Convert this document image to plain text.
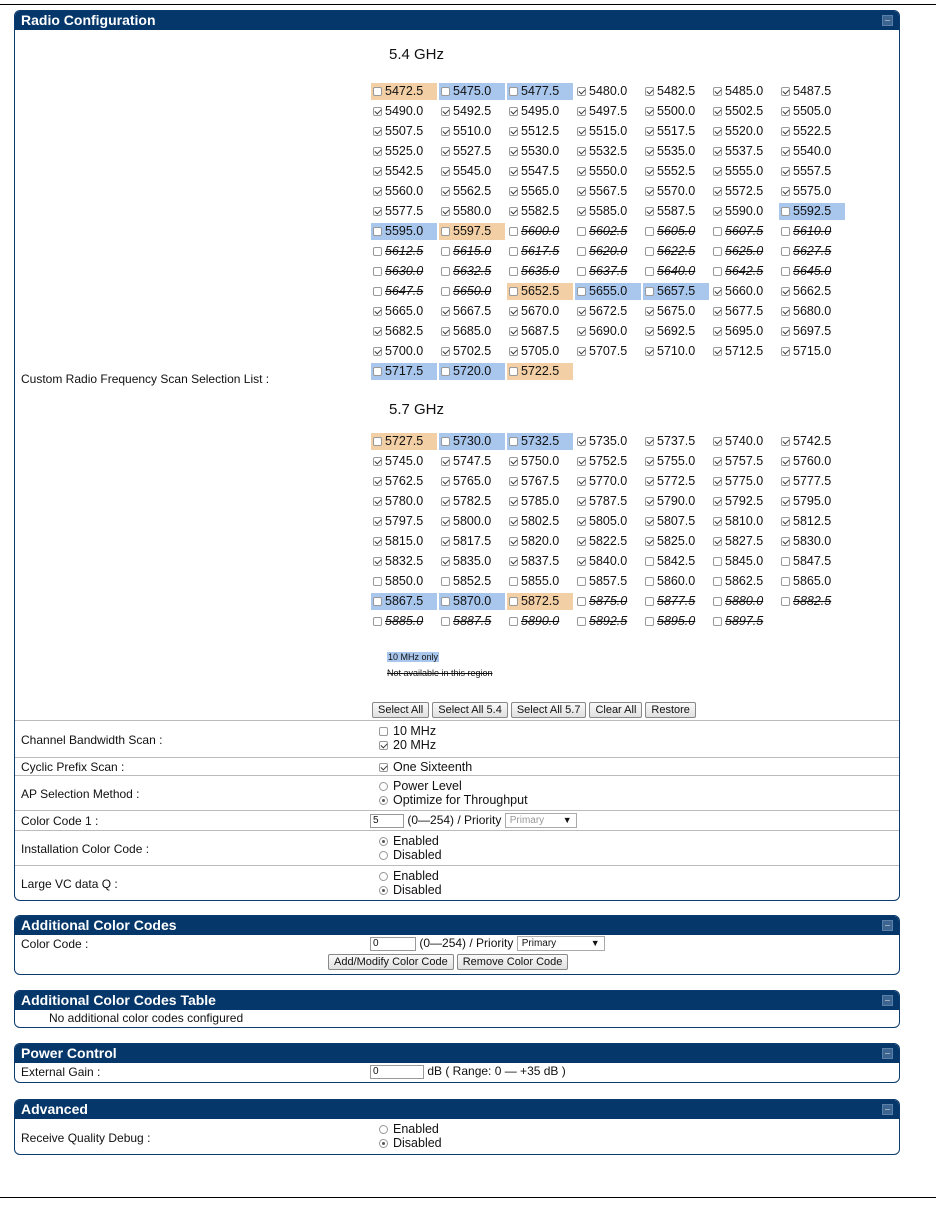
Radio Configuration
5.4 GHz
5472.5	5475.0	5477.5	5480.0	5482.5	5485.0	5487.5
5490.0	5492.5	5495.0	5497.5	5500.0	5502.5	5505.0
5507.5	5510.0	5512.5	5515.0	5517.5	5520.0	5522.5
5525.0	5527.5	5530.0	5532.5	5535.0	5537.5	5540.0
5542.5	5545.0	5547.5	5550.0	5552.5	5555.0	5557.5
5560.0	5562.5	5565.0	5567.5	5570.0	5572.5	5575.0
5577.5	5580.0	5582.5	5585.0	5587.5	5590.0	5592.5
5595.0	5597.5	5600.0	5602.5	5605.0	5607.5	5610.0
5612.5	5615.0	5617.5	5620.0	5622.5	5625.0	5627.5
5630.0	5632.5	5635.0	5637.5	5640.0	5642.5	5645.0
5647.5	5650.0	5652.5	5655.0	5657.5	5660.0	5662.5
5665.0	5667.5	5670.0	5672.5	5675.0	5677.5	5680.0
5682.5	5685.0	5687.5	5690.0	5692.5	5695.0	5697.5
5700.0	5702.5	5705.0	5707.5	5710.0	5712.5	5715.0
5717.5	5720.0	5722.5
Custom Radio Frequency Scan Selection List :
5.7 GHz
5727.5	5730.0	5732.5	5735.0	5737.5	5740.0	5742.5
5745.0	5747.5	5750.0	5752.5	5755.0	5757.5	5760.0
5762.5	5765.0	5767.5	5770.0	5772.5	5775.0	5777.5
5780.0	5782.5	5785.0	5787.5	5790.0	5792.5	5795.0
5797.5	5800.0	5802.5	5805.0	5807.5	5810.0	5812.5
5815.0	5817.5	5820.0	5822.5	5825.0	5827.5	5830.0
5832.5	5835.0	5837.5	5840.0	5842.5	5845.0	5847.5
5850.0	5852.5	5855.0	5857.5	5860.0	5862.5	5865.0
5867.5	5870.0	5872.5	5875.0	5877.5	5880.0	5882.5
5885.0	5887.5	5890.0	5892.5	5895.0	5897.5
10 MHz only
Not available in this region
Select All Select All 5.4 Select All 5.7 Clear All Restore
Channel Bandwidth Scan :
10 MHz
20 MHz
Cyclic Prefix Scan :	One Sixteenth
AP Selection Method :
Power Level
Optimize for Throughput
Color Code 1 :	5 (0—254) / Priority Primary ▼
Installation Color Code :
Enabled
Disabled
Large VC data Q :
Enabled
Disabled
Additional Color Codes
Color Code :	0	(0—254) / Priority Primary	▼
Add/Modify Color Code Remove Color Code
Additional Color Codes Table
No additional color codes configured
Power Control
External Gain :	0	dB ( Range: 0 — +35 dB )
Advanced
Receive Quality Debug :
Enabled
Disabled
